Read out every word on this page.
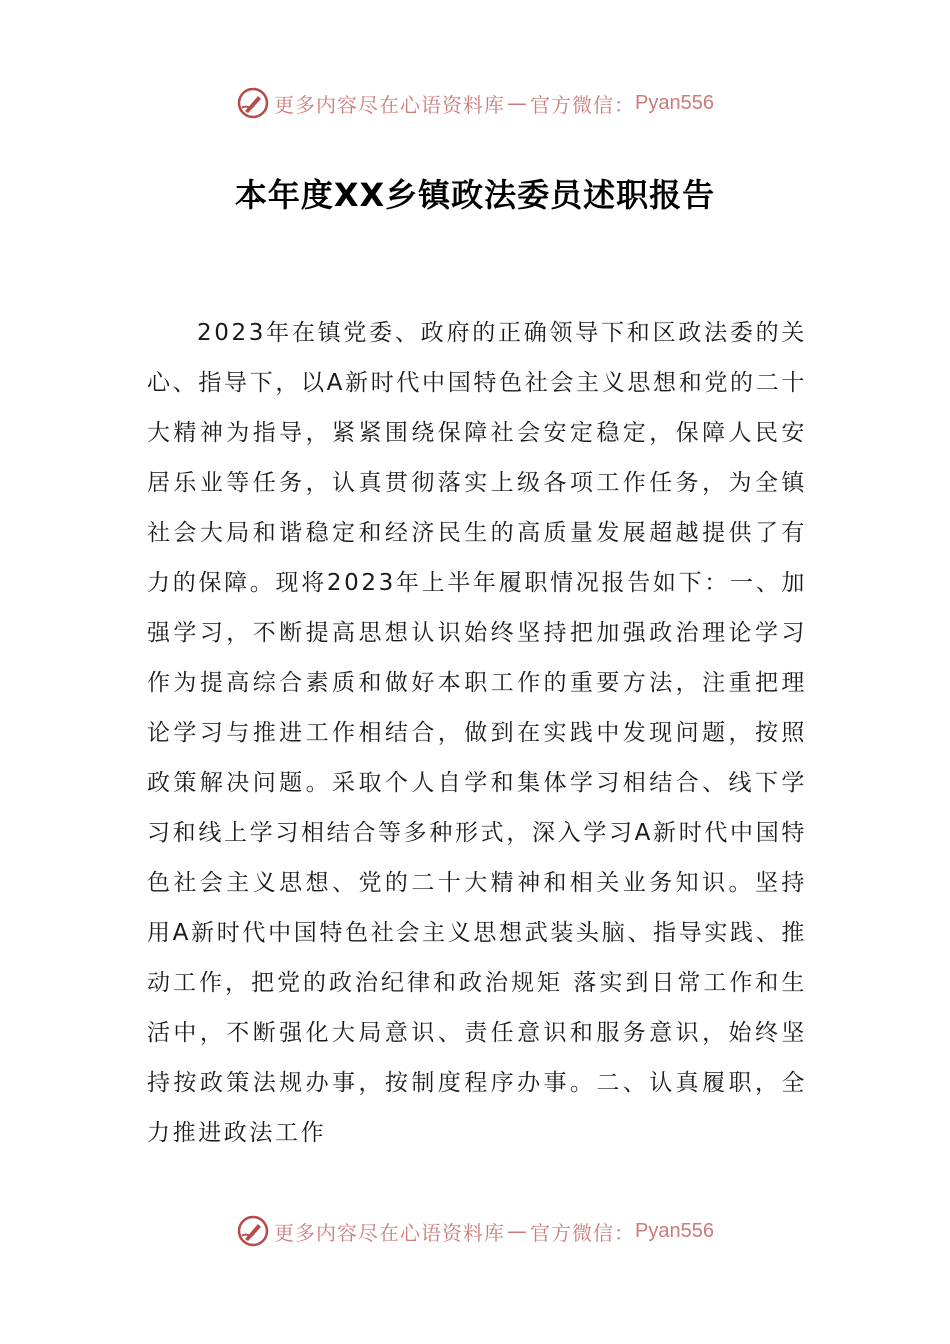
更多内容尽在心语资料库 — 官方微信： Pyan556
本年度XX乡镇政法委员述职报告

2023年在镇党委、政府的正确领导下和区政法委的关心、指导下，以A新时代中国特色社会主义思想和党的二十大精神为指导，紧紧围绕保障社会安定稳定，保障人民安居乐业等任务，认真贯彻落实上级各项工作任务，为全镇社会大局和谐稳定和经济民生的高质量发展超越提供了有力的保障。现将2023年上半年履职情况报告如下：一、加强学习，不断提高思想认识始终坚持把加强政治理论学习作为提高综合素质和做好本职工作的重要方法，注重把理论学习与推进工作相结合，做到在实践中发现问题，按照政策解决问题。采取个人自学和集体学习相结合、线下学习和线上学习相结合等多种形式，深入学习A新时代中国特色社会主义思想、党的二十大精神和相关业务知识。坚持用A新时代中国特色社会主义思想武装头脑、指导实践、推动工作，把党的政治纪律和政治规矩 落实到日常工作和生活中，不断强化大局意识、责任意识和服务意识，始终坚持按政策法规办事，按制度程序办事。二、认真履职，全力推进政法工作

更多内容尽在心语资料库 — 官方微信： Pyan556
